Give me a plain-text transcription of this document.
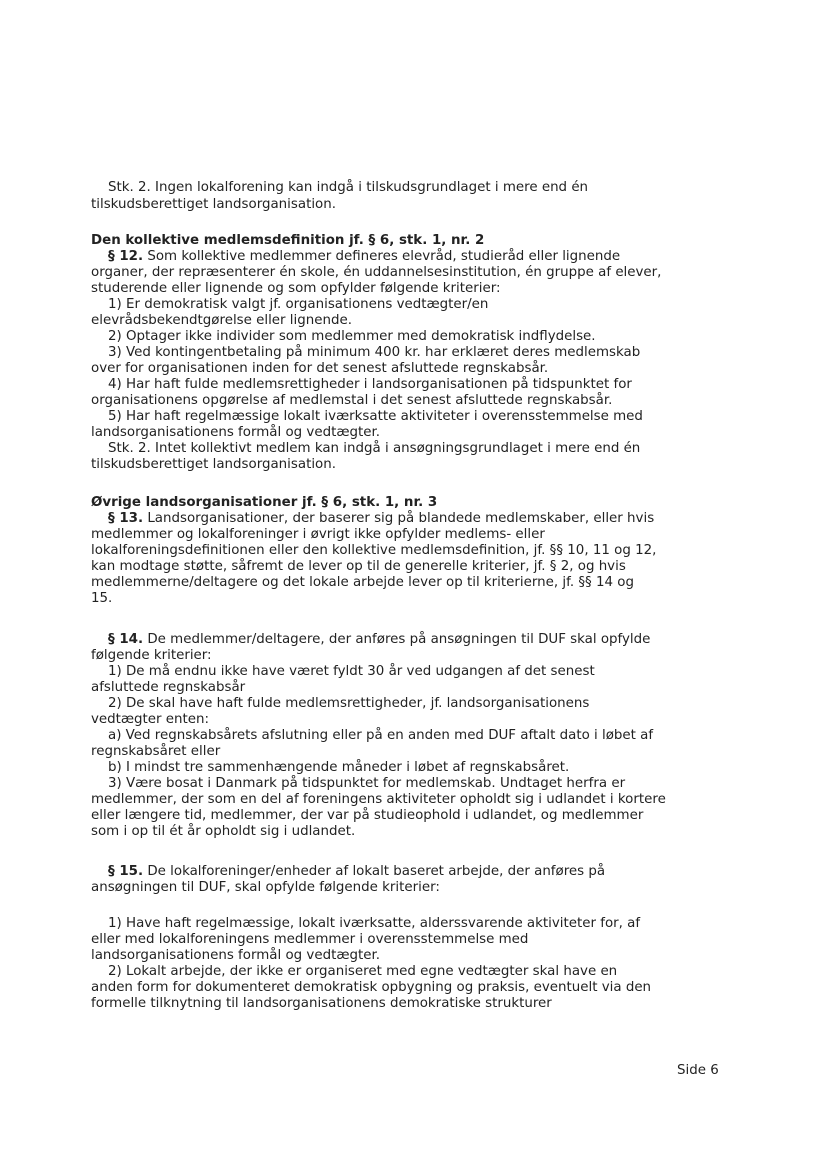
Stk. 2. Ingen lokalforening kan indgå i tilskudsgrundlaget i mere end én
tilskudsberettiget landsorganisation.
Den kollektive medlemsdefinition jf. § 6, stk. 1, nr. 2
§ 12. Som kollektive medlemmer defineres elevråd, studieråd eller lignende
organer, der repræsenterer én skole, én uddannelsesinstitution, én gruppe af elever,
studerende eller lignende og som opfylder følgende kriterier:
1) Er demokratisk valgt jf. organisationens vedtægter/en
elevrådsbekendtgørelse eller lignende.
2) Optager ikke individer som medlemmer med demokratisk indflydelse.
3) Ved kontingentbetaling på minimum 400 kr. har erklæret deres medlemskab
over for organisationen inden for det senest afsluttede regnskabsår.
4) Har haft fulde medlemsrettigheder i landsorganisationen på tidspunktet for
organisationens opgørelse af medlemstal i det senest afsluttede regnskabsår.
5) Har haft regelmæssige lokalt iværksatte aktiviteter i overensstemmelse med
landsorganisationens formål og vedtægter.
Stk. 2. Intet kollektivt medlem kan indgå i ansøgningsgrundlaget i mere end én
tilskudsberettiget landsorganisation.
Øvrige landsorganisationer jf. § 6, stk. 1, nr. 3
§ 13. Landsorganisationer, der baserer sig på blandede medlemskaber, eller hvis
medlemmer og lokalforeninger i øvrigt ikke opfylder medlems- eller
lokalforeningsdefinitionen eller den kollektive medlemsdefinition, jf. §§ 10, 11 og 12,
kan modtage støtte, såfremt de lever op til de generelle kriterier, jf. § 2, og hvis
medlemmerne/deltagere og det lokale arbejde lever op til kriterierne, jf. §§ 14 og
15.
§ 14. De medlemmer/deltagere, der anføres på ansøgningen til DUF skal opfylde
følgende kriterier:
1) De må endnu ikke have været fyldt 30 år ved udgangen af det senest
afsluttede regnskabsår
2) De skal have haft fulde medlemsrettigheder, jf. landsorganisationens
vedtægter enten:
a) Ved regnskabsårets afslutning eller på en anden med DUF aftalt dato i løbet af
regnskabsåret eller
b) I mindst tre sammenhængende måneder i løbet af regnskabsåret.
3) Være bosat i Danmark på tidspunktet for medlemskab. Undtaget herfra er
medlemmer, der som en del af foreningens aktiviteter opholdt sig i udlandet i kortere
eller længere tid, medlemmer, der var på studieophold i udlandet, og medlemmer
som i op til ét år opholdt sig i udlandet.
§ 15. De lokalforeninger/enheder af lokalt baseret arbejde, der anføres på
ansøgningen til DUF, skal opfylde følgende kriterier:
1) Have haft regelmæssige, lokalt iværksatte, alderssvarende aktiviteter for, af
eller med lokalforeningens medlemmer i overensstemmelse med
landsorganisationens formål og vedtægter.
2) Lokalt arbejde, der ikke er organiseret med egne vedtægter skal have en
anden form for dokumenteret demokratisk opbygning og praksis, eventuelt via den
formelle tilknytning til landsorganisationens demokratiske strukturer
Side 6
